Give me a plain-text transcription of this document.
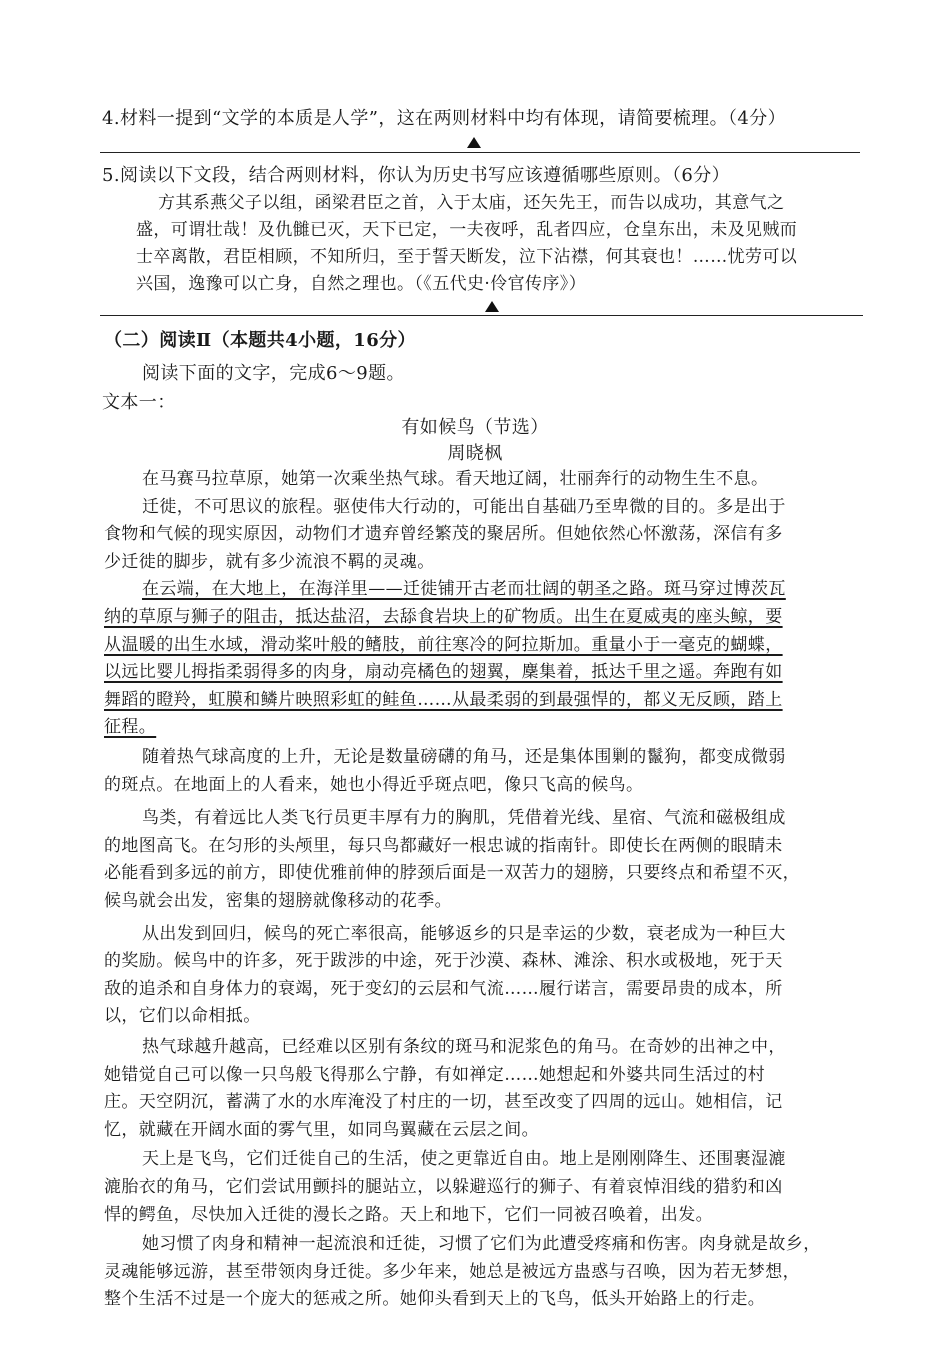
4.材料一提到“文学的本质是人学”，这在两则材料中均有体现，请简要梳理。（4分）
5.阅读以下文段，结合两则材料，你认为历史书写应该遵循哪些原则。（6分）
方其系燕父子以组，函梁君臣之首，入于太庙，还矢先王，而告以成功，其意气之
盛，可谓壮哉！及仇雠已灭，天下已定，一夫夜呼，乱者四应，仓皇东出，未及见贼而
士卒离散，君臣相顾，不知所归，至于誓天断发，泣下沾襟，何其衰也！……忧劳可以
兴国，逸豫可以亡身，自然之理也。（《五代史·伶官传序》）
（二）阅读Ⅱ（本题共4小题，16分）
阅读下面的文字，完成6～9题。
文本一：
有如候鸟（节选）
周晓枫
在马赛马拉草原，她第一次乘坐热气球。看天地辽阔，壮丽奔行的动物生生不息。
迁徙，不可思议的旅程。驱使伟大行动的，可能出自基础乃至卑微的目的。多是出于
食物和气候的现实原因，动物们才遗弃曾经繁茂的聚居所。但她依然心怀激荡，深信有多
少迁徙的脚步，就有多少流浪不羁的灵魂。
在云端，在大地上，在海洋里——迁徙铺开古老而壮阔的朝圣之路。斑马穿过博茨瓦
纳的草原与狮子的阻击，抵达盐沼，去舔食岩块上的矿物质。出生在夏威夷的座头鲸，要
从温暖的出生水域，滑动桨叶般的鳍肢，前往寒冷的阿拉斯加。重量小于一毫克的蝴蝶，
以远比婴儿拇指柔弱得多的肉身，扇动亮橘色的翅翼，麇集着，抵达千里之遥。奔跑有如
舞蹈的瞪羚，虹膜和鳞片映照彩虹的鲑鱼……从最柔弱的到最强悍的，都义无反顾，踏上
征程。
随着热气球高度的上升，无论是数量磅礴的角马，还是集体围剿的鬣狗，都变成微弱
的斑点。在地面上的人看来，她也小得近乎斑点吧，像只飞高的候鸟。
鸟类，有着远比人类飞行员更丰厚有力的胸肌，凭借着光线、星宿、气流和磁极组成
的地图高飞。在匀形的头颅里，每只鸟都藏好一根忠诚的指南针。即使长在两侧的眼睛未
必能看到多远的前方，即使优雅前伸的脖颈后面是一双苦力的翅膀，只要终点和希望不灭，
候鸟就会出发，密集的翅膀就像移动的花季。
从出发到回归，候鸟的死亡率很高，能够返乡的只是幸运的少数，衰老成为一种巨大
的奖励。候鸟中的许多，死于跋涉的中途，死于沙漠、森林、滩涂、积水或极地，死于天
敌的追杀和自身体力的衰竭，死于变幻的云层和气流……履行诺言，需要昂贵的成本，所
以，它们以命相抵。
热气球越升越高，已经难以区别有条纹的斑马和泥浆色的角马。在奇妙的出神之中，
她错觉自己可以像一只鸟般飞得那么宁静，有如禅定……她想起和外婆共同生活过的村
庄。天空阴沉，蓄满了水的水库淹没了村庄的一切，甚至改变了四周的远山。她相信，记
忆，就藏在开阔水面的雾气里，如同鸟翼藏在云层之间。
天上是飞鸟，它们迁徙自己的生活，使之更靠近自由。地上是刚刚降生、还围裹湿漉
漉胎衣的角马，它们尝试用颤抖的腿站立，以躲避巡行的狮子、有着哀悼泪线的猎豹和凶
悍的鳄鱼，尽快加入迁徙的漫长之路。天上和地下，它们一同被召唤着，出发。
她习惯了肉身和精神一起流浪和迁徙，习惯了它们为此遭受疼痛和伤害。肉身就是故乡，
灵魂能够远游，甚至带领肉身迁徙。多少年来，她总是被远方蛊惑与召唤，因为若无梦想，
整个生活不过是一个庞大的惩戒之所。她仰头看到天上的飞鸟，低头开始路上的行走。
